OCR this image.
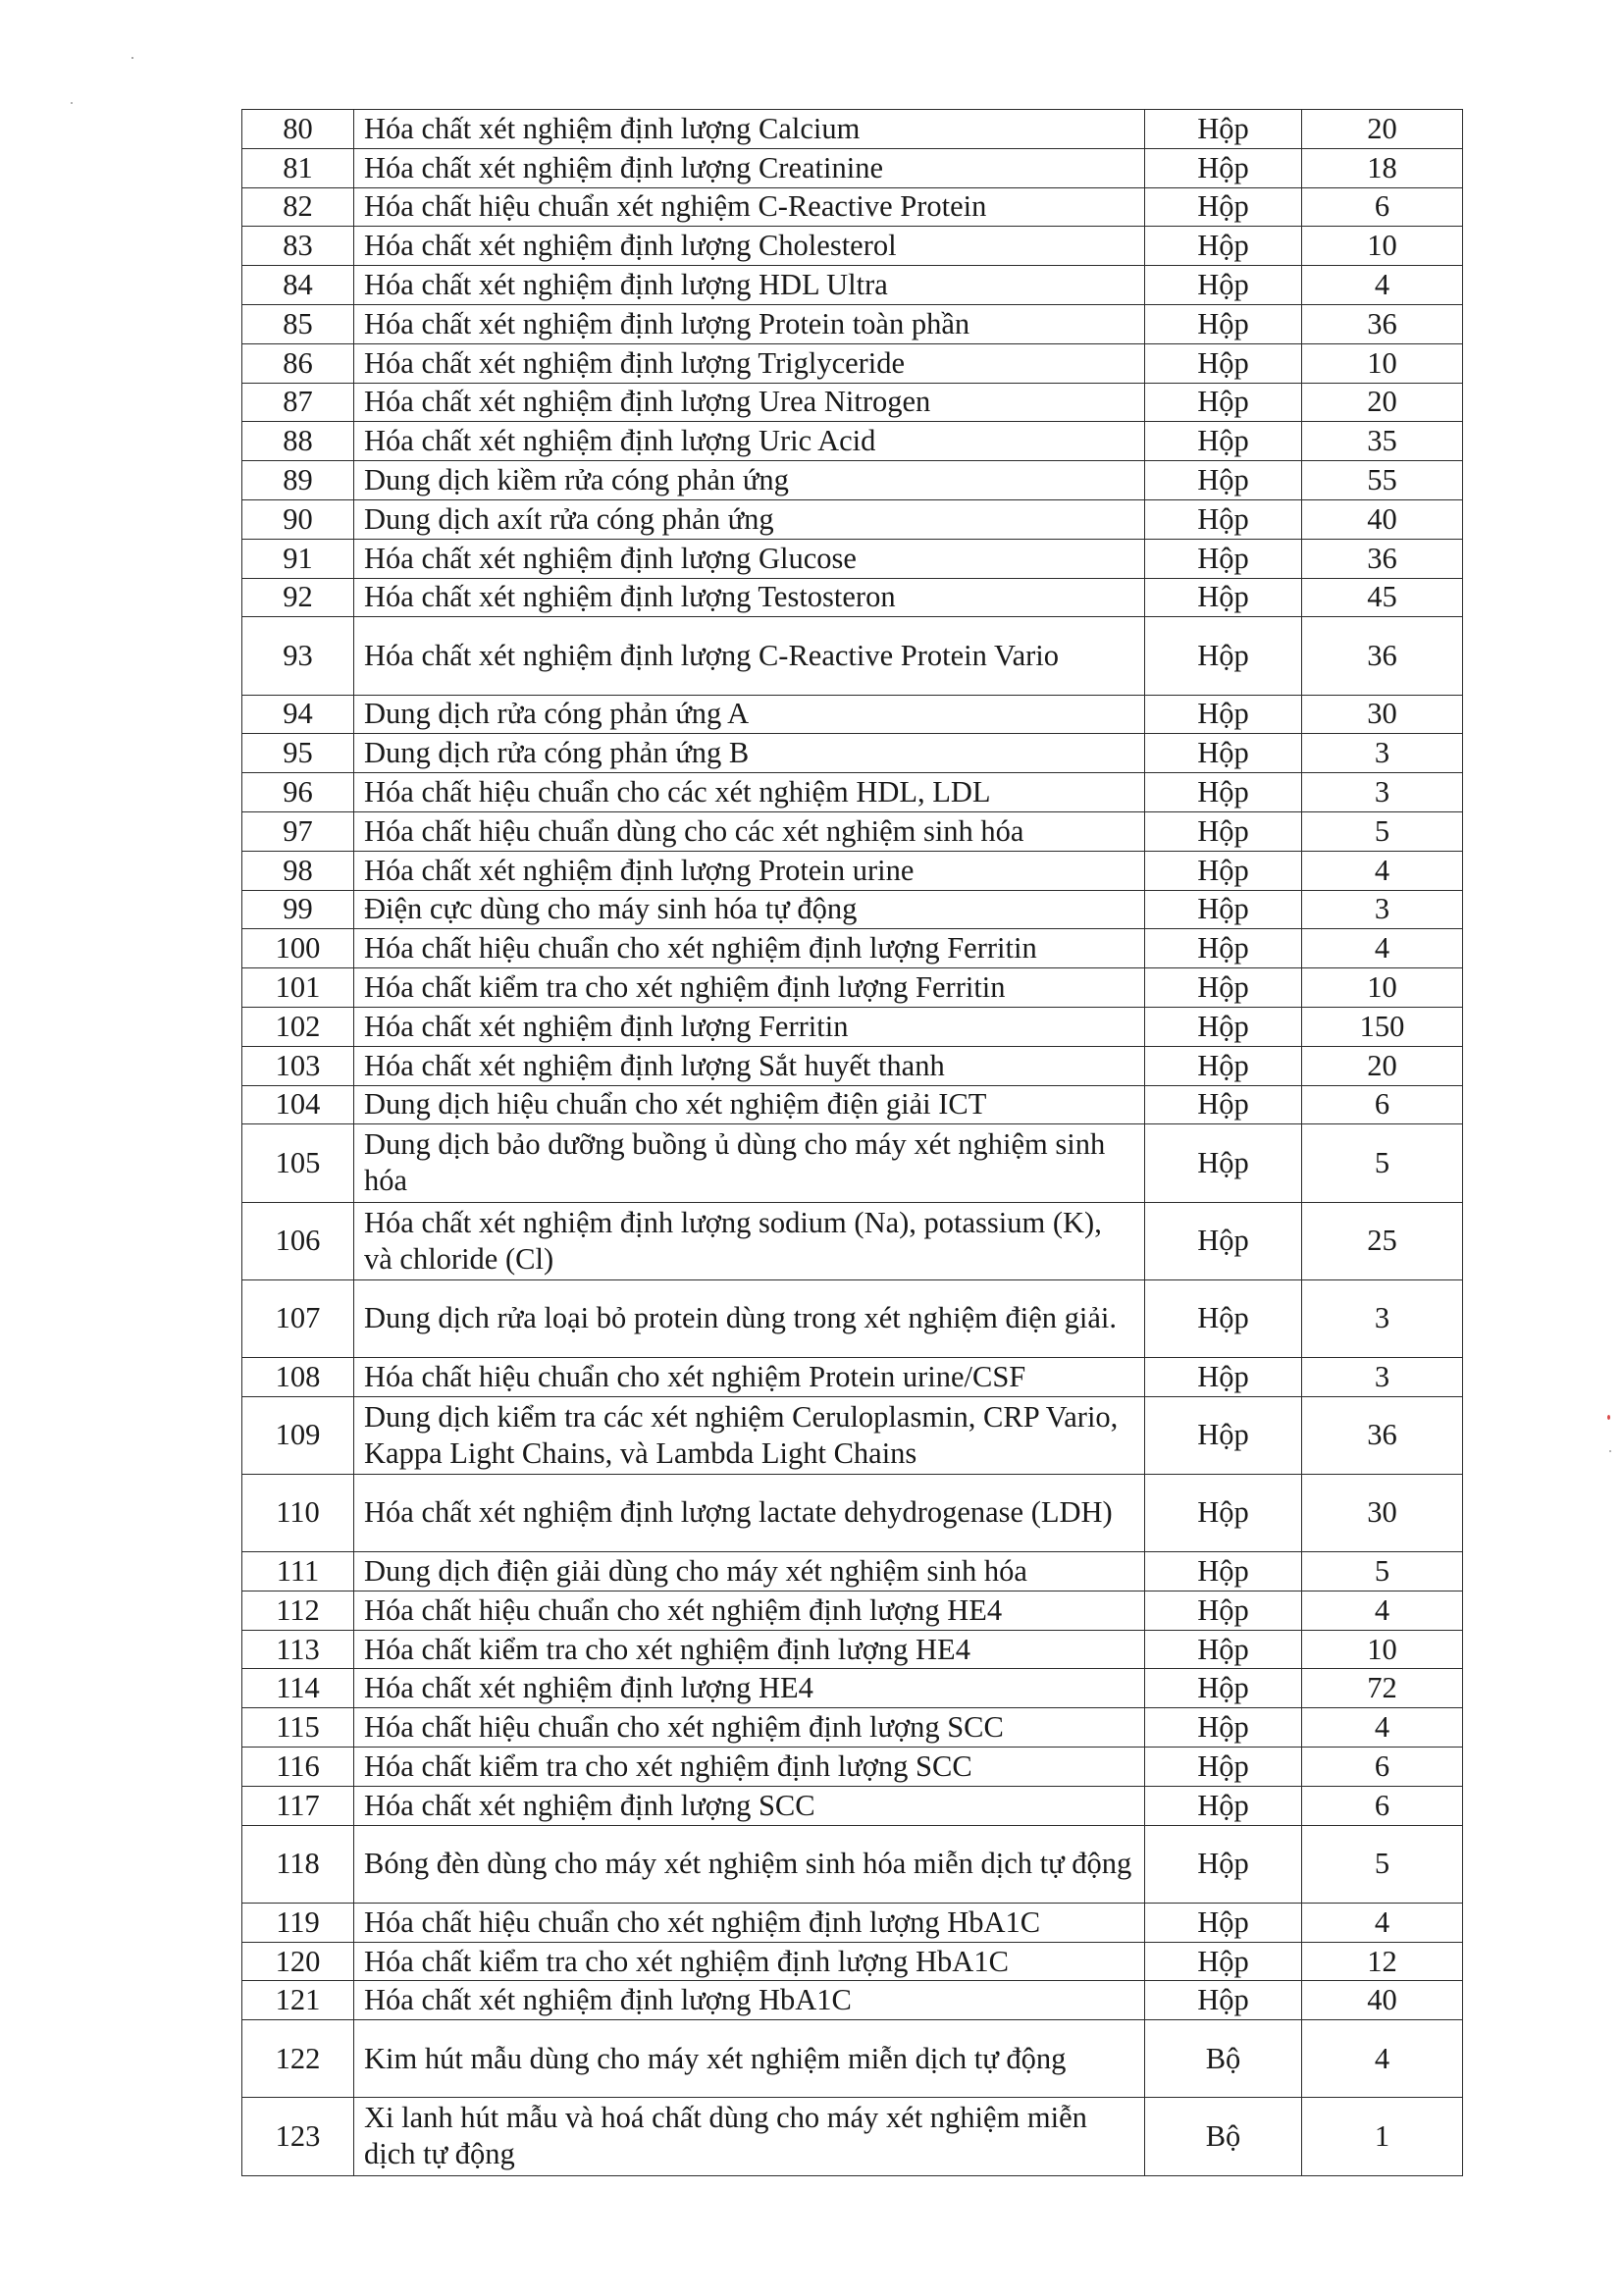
80	Hóa chất xét nghiệm định lượng Calcium	Hộp	20
81	Hóa chất xét nghiệm định lượng Creatinine	Hộp	18
82	Hóa chất hiệu chuẩn xét nghiệm C-Reactive Protein	Hộp	6
83	Hóa chất xét nghiệm định lượng Cholesterol	Hộp	10
84	Hóa chất xét nghiệm định lượng HDL Ultra	Hộp	4
85	Hóa chất xét nghiệm định lượng Protein toàn phần	Hộp	36
86	Hóa chất xét nghiệm định lượng Triglyceride	Hộp	10
87	Hóa chất xét nghiệm định lượng Urea Nitrogen	Hộp	20
88	Hóa chất xét nghiệm định lượng Uric Acid	Hộp	35
89	Dung dịch kiềm rửa cóng phản ứng	Hộp	55
90	Dung dịch axít rửa cóng phản ứng	Hộp	40
91	Hóa chất xét nghiệm định lượng Glucose	Hộp	36
92	Hóa chất xét nghiệm định lượng Testosteron	Hộp	45
93	Hóa chất xét nghiệm định lượng C-Reactive Protein Vario	Hộp	36
94	Dung dịch rửa cóng phản ứng A	Hộp	30
95	Dung dịch rửa cóng phản ứng B	Hộp	3
96	Hóa chất hiệu chuẩn cho các xét nghiệm HDL, LDL	Hộp	3
97	Hóa chất hiệu chuẩn dùng cho các xét nghiệm sinh hóa	Hộp	5
98	Hóa chất xét nghiệm định lượng Protein urine	Hộp	4
99	Điện cực dùng cho máy sinh hóa tự động	Hộp	3
100	Hóa chất hiệu chuẩn cho xét nghiệm định lượng Ferritin	Hộp	4
101	Hóa chất kiểm tra cho xét nghiệm định lượng Ferritin	Hộp	10
102	Hóa chất xét nghiệm định lượng Ferritin	Hộp	150
103	Hóa chất xét nghiệm định lượng Sắt huyết thanh	Hộp	20
104	Dung dịch hiệu chuẩn cho xét nghiệm điện giải ICT	Hộp	6
105	Dung dịch bảo dưỡng buồng ủ dùng cho máy xét nghiệm sinh hóa	Hộp	5
106	Hóa chất xét nghiệm định lượng sodium (Na), potassium (K), và chloride (Cl)	Hộp	25
107	Dung dịch rửa loại bỏ protein dùng trong xét nghiệm điện giải.	Hộp	3
108	Hóa chất hiệu chuẩn cho xét nghiệm Protein urine/CSF	Hộp	3
109	Dung dịch kiểm tra các xét nghiệm Ceruloplasmin, CRP Vario, Kappa Light Chains, và Lambda Light Chains	Hộp	36
110	Hóa chất xét nghiệm định lượng lactate dehydrogenase (LDH)	Hộp	30
111	Dung dịch điện giải dùng cho máy xét nghiệm sinh hóa	Hộp	5
112	Hóa chất hiệu chuẩn cho xét nghiệm định lượng HE4	Hộp	4
113	Hóa chất kiểm tra cho xét nghiệm định lượng HE4	Hộp	10
114	Hóa chất xét nghiệm định lượng HE4	Hộp	72
115	Hóa chất hiệu chuẩn cho xét nghiệm định lượng SCC	Hộp	4
116	Hóa chất kiểm tra cho xét nghiệm định lượng SCC	Hộp	6
117	Hóa chất xét nghiệm định lượng SCC	Hộp	6
118	Bóng đèn dùng cho máy xét nghiệm sinh hóa miễn dịch tự động	Hộp	5
119	Hóa chất hiệu chuẩn cho xét nghiệm định lượng HbA1C	Hộp	4
120	Hóa chất kiểm tra cho xét nghiệm định lượng HbA1C	Hộp	12
121	Hóa chất xét nghiệm định lượng HbA1C	Hộp	40
122	Kim hút mẫu dùng cho máy xét nghiệm miễn dịch tự động	Bộ	4
123	Xi lanh hút mẫu và hoá chất dùng cho máy xét nghiệm miễn dịch tự động	Bộ	1
